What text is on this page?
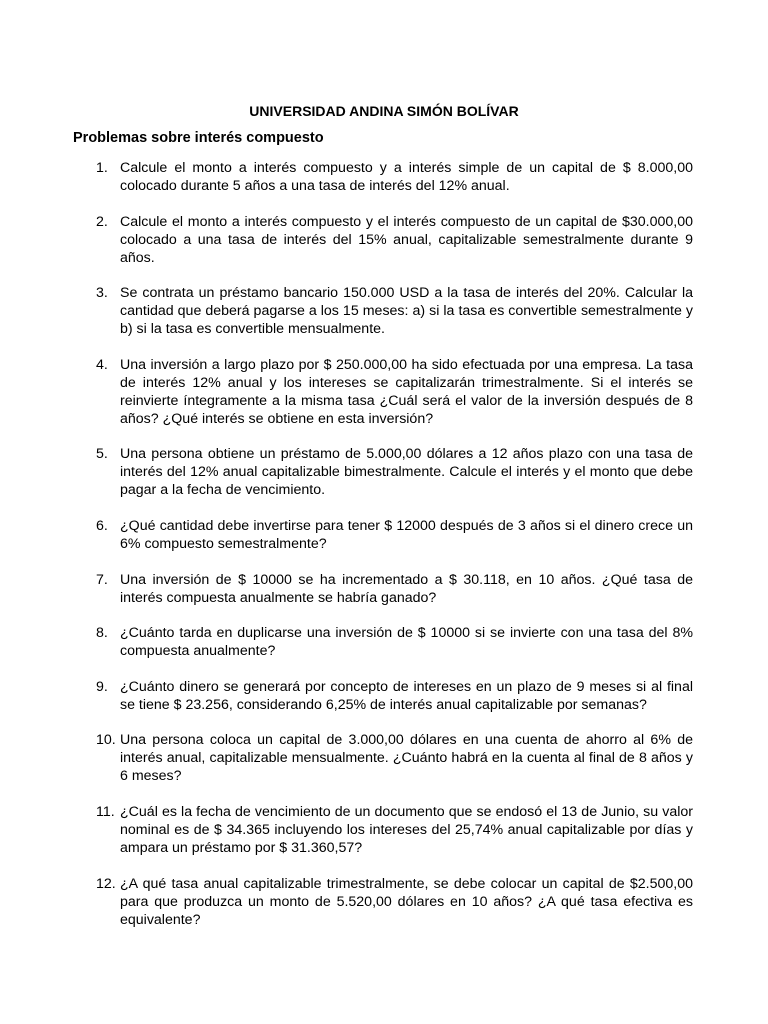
UNIVERSIDAD ANDINA SIMÓN BOLÍVAR
Problemas sobre interés compuesto
1. Calcule el monto a interés compuesto y a interés simple de un capital de $ 8.000,00 colocado durante 5 años a una tasa de interés del 12% anual.
2. Calcule el monto a interés compuesto y el interés compuesto de un capital de $30.000,00 colocado a una tasa de interés del 15% anual, capitalizable semestralmente durante 9 años.
3. Se contrata un préstamo bancario 150.000 USD a la tasa de interés del 20%. Calcular la cantidad que deberá pagarse a los 15 meses: a) si la tasa es convertible semestralmente y b) si la tasa es convertible mensualmente.
4. Una inversión a largo plazo por $ 250.000,00 ha sido efectuada por una empresa. La tasa de interés 12% anual y los intereses se capitalizarán trimestralmente. Si el interés se reinvierte íntegramente a la misma tasa ¿Cuál será el valor de la inversión después de 8 años? ¿Qué interés se obtiene en esta inversión?
5. Una persona obtiene un préstamo de 5.000,00 dólares a 12 años plazo con una tasa de interés del 12% anual capitalizable bimestralmente. Calcule el interés y el monto que debe pagar a la fecha de vencimiento.
6. ¿Qué cantidad debe invertirse para tener $ 12000 después de 3 años si el dinero crece un 6% compuesto semestralmente?
7. Una inversión de $ 10000 se ha incrementado a $ 30.118, en 10 años. ¿Qué tasa de interés compuesta anualmente se habría ganado?
8. ¿Cuánto tarda en duplicarse una inversión de $ 10000 si se invierte con una tasa del 8% compuesta anualmente?
9. ¿Cuánto dinero se generará por concepto de intereses en un plazo de 9 meses si al final se tiene $ 23.256, considerando 6,25% de interés anual capitalizable por semanas?
10. Una persona coloca un capital de 3.000,00 dólares en una cuenta de ahorro al 6% de interés anual, capitalizable mensualmente. ¿Cuánto habrá en la cuenta al final de 8 años y 6 meses?
11. ¿Cuál es la fecha de vencimiento de un documento que se endosó el 13 de Junio, su valor nominal es de $ 34.365 incluyendo los intereses del 25,74% anual capitalizable por días y ampara un préstamo por $ 31.360,57?
12. ¿A qué tasa anual capitalizable trimestralmente, se debe colocar un capital de $2.500,00 para que produzca un monto de 5.520,00 dólares en 10 años? ¿A qué tasa efectiva es equivalente?
